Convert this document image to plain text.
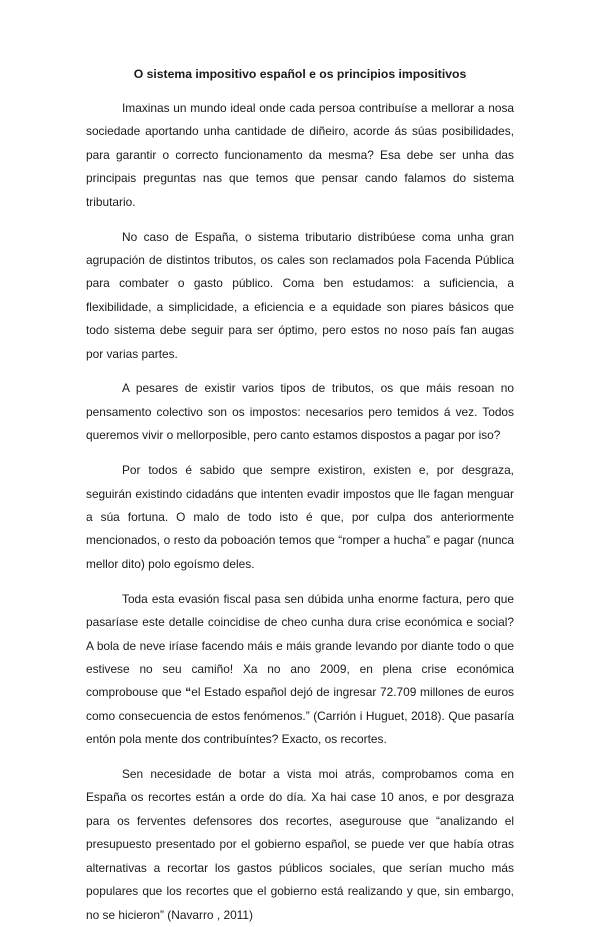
O sistema impositivo español e os principios impositivos

Imaxinas un mundo ideal onde cada persoa contribuíse a mellorar a nosa sociedade aportando unha cantidade de diñeiro, acorde ás súas posibilidades, para garantir o correcto funcionamento da mesma? Esa debe ser unha das principais preguntas nas que temos que pensar cando falamos do sistema tributario.

No caso de España, o sistema tributario distribúese coma unha gran agrupación de distintos tributos, os cales son reclamados pola Facenda Pública para combater o gasto público. Coma ben estudamos: a suficiencia, a flexibilidade, a simplicidade, a eficiencia e a equidade son piares básicos que todo sistema debe seguir para ser óptimo, pero estos no noso país fan augas por varias partes.

A pesares de existir varios tipos de tributos, os que máis resoan no pensamento colectivo son os impostos: necesarios pero temidos á vez. Todos queremos vivir o mellorposible, pero canto estamos dispostos a pagar por iso?

Por todos é sabido que sempre existiron, existen e, por desgraza, seguirán existindo cidadáns que intenten evadir impostos que lle fagan menguar a súa fortuna. O malo de todo isto é que, por culpa dos anteriormente mencionados, o resto da poboación temos que “romper a hucha” e pagar (nunca mellor dito) polo egoísmo deles.

Toda esta evasión fiscal pasa sen dúbida unha enorme factura, pero que pasaríase este detalle coincidise de cheo cunha dura crise económica e social? A bola de neve iríase facendo máis e máis grande levando por diante todo o que estivese no seu camiño! Xa no ano 2009, en plena crise económica comprobouse que “el Estado español dejó de ingresar 72.709 millones de euros como consecuencia de estos fenómenos.” (Carrión i Huguet, 2018). Que pasaría entón pola mente dos contribuíntes? Exacto, os recortes.

Sen necesidade de botar a vista moi atrás, comprobamos coma en España os recortes están a orde do día. Xa hai case 10 anos, e por desgraza para os ferventes defensores dos recortes, asegurouse que “analizando el presupuesto presentado por el gobierno español, se puede ver que había otras alternativas a recortar los gastos públicos sociales, que serían mucho más populares que los recortes que el gobierno está realizando y que, sin embargo, no se hicieron” (Navarro , 2011)
